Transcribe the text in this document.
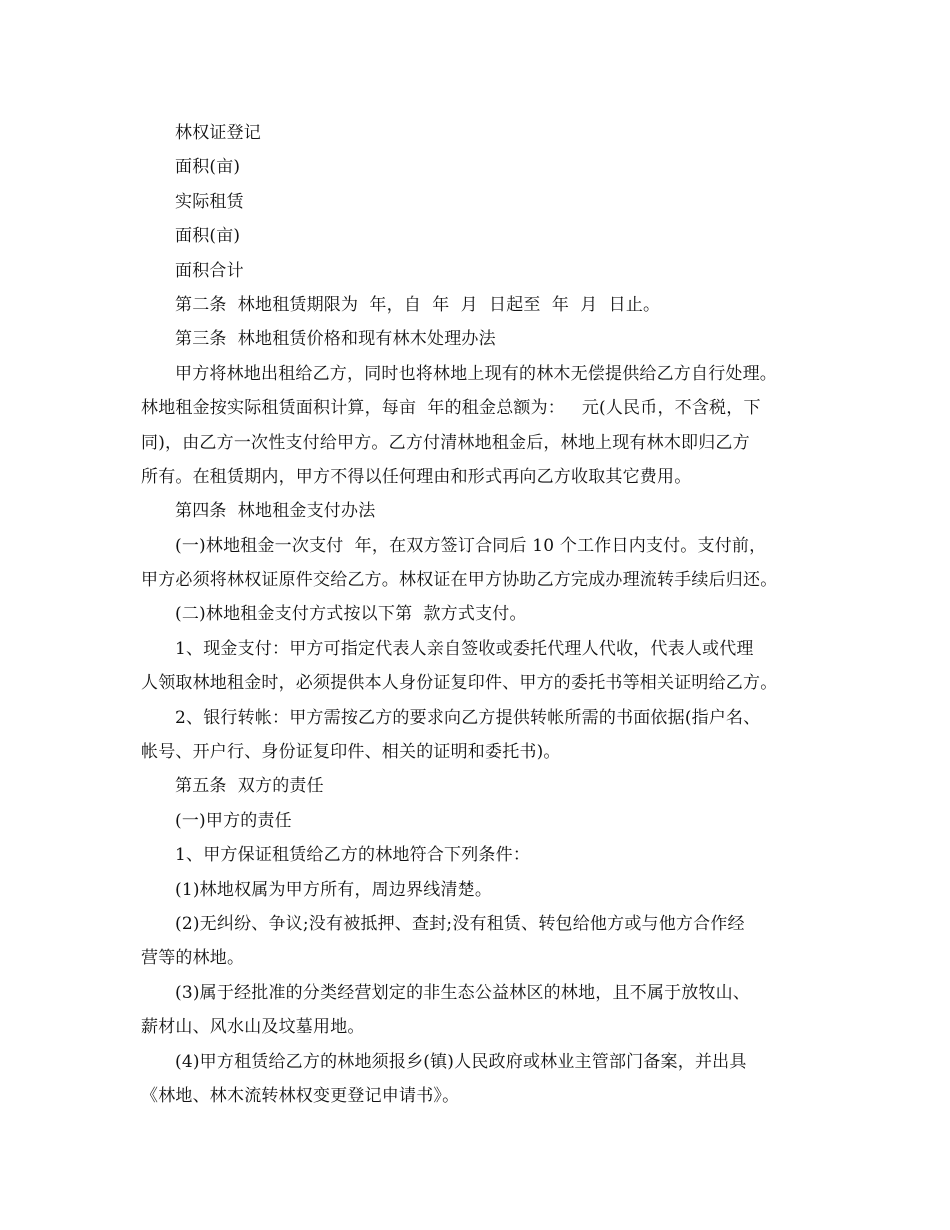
林权证登记
面积(亩)
实际租赁
面积(亩)
面积合计
第二条  林地租赁期限为  年，自  年  月  日起至  年  月  日止。
第三条  林地租赁价格和现有林木处理办法
甲方将林地出租给乙方，同时也将林地上现有的林木无偿提供给乙方自行处理。
林地租金按实际租赁面积计算，每亩  年的租金总额为：   元(人民币，不含税，下
同)，由乙方一次性支付给甲方。乙方付清林地租金后，林地上现有林木即归乙方
所有。在租赁期内，甲方不得以任何理由和形式再向乙方收取其它费用。
第四条  林地租金支付办法
(一)林地租金一次支付  年，在双方签订合同后 10 个工作日内支付。支付前，
甲方必须将林权证原件交给乙方。林权证在甲方协助乙方完成办理流转手续后归还。
(二)林地租金支付方式按以下第  款方式支付。
1、现金支付：甲方可指定代表人亲自签收或委托代理人代收，代表人或代理
人领取林地租金时，必须提供本人身份证复印件、甲方的委托书等相关证明给乙方。
2、银行转帐：甲方需按乙方的要求向乙方提供转帐所需的书面依据(指户名、
帐号、开户行、身份证复印件、相关的证明和委托书)。
第五条  双方的责任
(一)甲方的责任
1、甲方保证租赁给乙方的林地符合下列条件：
(1)林地权属为甲方所有，周边界线清楚。
(2)无纠纷、争议;没有被抵押、查封;没有租赁、转包给他方或与他方合作经
营等的林地。
(3)属于经批准的分类经营划定的非生态公益林区的林地，且不属于放牧山、
薪材山、风水山及坟墓用地。
(4)甲方租赁给乙方的林地须报乡(镇)人民政府或林业主管部门备案，并出具
《林地、林木流转林权变更登记申请书》。
